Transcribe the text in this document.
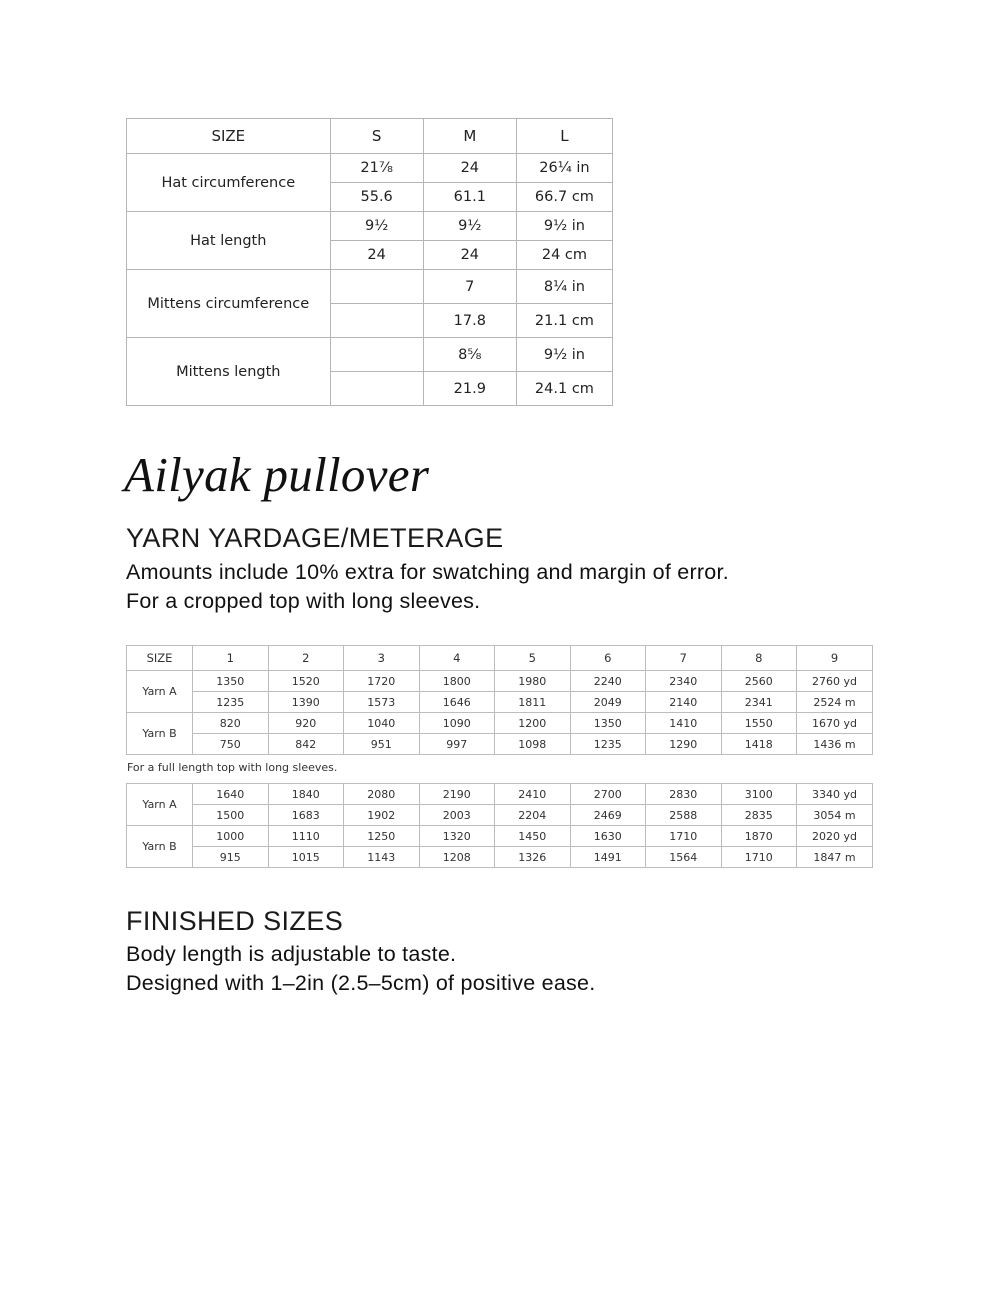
SIZE	S	M	L
Hat circumference	21⅞	24	26¼ in
	55.6	61.1	66.7 cm
Hat length	9½	9½	9½ in
	24	24	24 cm
Mittens circumference		7	8¼ in
		17.8	21.1 cm
Mittens length		8⅝	9½ in
		21.9	24.1 cm
Ailyak pullover
YARN YARDAGE/METERAGE

Amounts include 10% extra for swatching and margin of error.

For a cropped top with long sleeves.

SIZE	1	2	3	4	5	6	7	8	9
Yarn A	1350	1520	1720	1800	1980	2240	2340	2560	2760 yd
	1235	1390	1573	1646	1811	2049	2140	2341	2524 m
Yarn B	820	920	1040	1090	1200	1350	1410	1550	1670 yd
	750	842	951	997	1098	1235	1290	1418	1436 m

For a full length top with long sleeves.

Yarn A	1640	1840	2080	2190	2410	2700	2830	3100	3340 yd
	1500	1683	1902	2003	2204	2469	2588	2835	3054 m
Yarn B	1000	1110	1250	1320	1450	1630	1710	1870	2020 yd
	915	1015	1143	1208	1326	1491	1564	1710	1847 m
FINISHED SIZES

Body length is adjustable to taste.

Designed with 1–2in (2.5–5cm) of positive ease.
